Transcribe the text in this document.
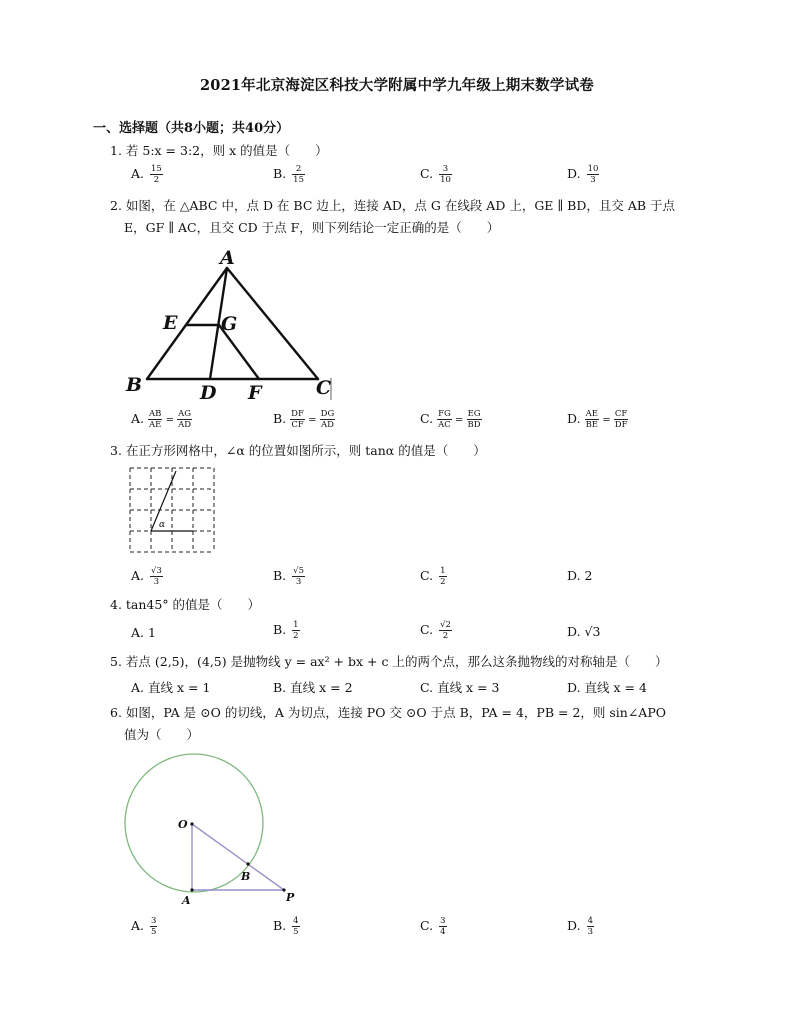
2021年北京海淀区科技大学附属中学九年级上期末数学试卷
一、选择题（共8小题；共40分）
1. 若 5:x = 3:2，则 x 的值是（　　）
A. $\frac{15}{2}$	B. $\frac{2}{15}$	C. $\frac{3}{10}$	D. $\frac{10}{3}$
2. 如图，在 △ABC 中，点 D 在 BC 边上，连接 AD，点 G 在线段 AD 上，GE ∥ BD，且交 AB 于点
E，GF ∥ AC，且交 CD 于点 F，则下列结论一定正确的是（　　）
A
E G
B	D F	C
A. $\frac{AB}{AE} = \frac{AG}{AD}$	B. $\frac{DF}{CF} = \frac{DG}{AD}$	C. $\frac{FG}{AC} = \frac{EG}{BD}$	D. $\frac{AE}{BE} = \frac{CF}{DF}$
3. 在正方形网格中，∠α 的位置如图所示，则 tanα 的值是（　　）
α
A. $\frac{√3}{3}$	B. $\frac{√5}{3}$	C. $\frac{1}{2}$	D. 2
4. tan45° 的值是（　　）
A. 1	B. $\frac{1}{2}$	C. $\frac{√2}{2}$	D. √3
5. 若点 (2,5)，(4,5) 是抛物线 y = ax² + bx + c 上的两个点，那么这条抛物线的对称轴是（　　）
A. 直线 x = 1	B. 直线 x = 2	C. 直线 x = 3	D. 直线 x = 4
6. 如图，PA 是 ⊙O 的切线，A 为切点，连接 PO 交 ⊙O 于点 B，PA = 4，PB = 2，则 sin∠APO
值为（　　）
O
B
A	P
A. $\frac{3}{5}$	B. $\frac{4}{5}$	C. $\frac{3}{4}$	D. $\frac{4}{3}$
